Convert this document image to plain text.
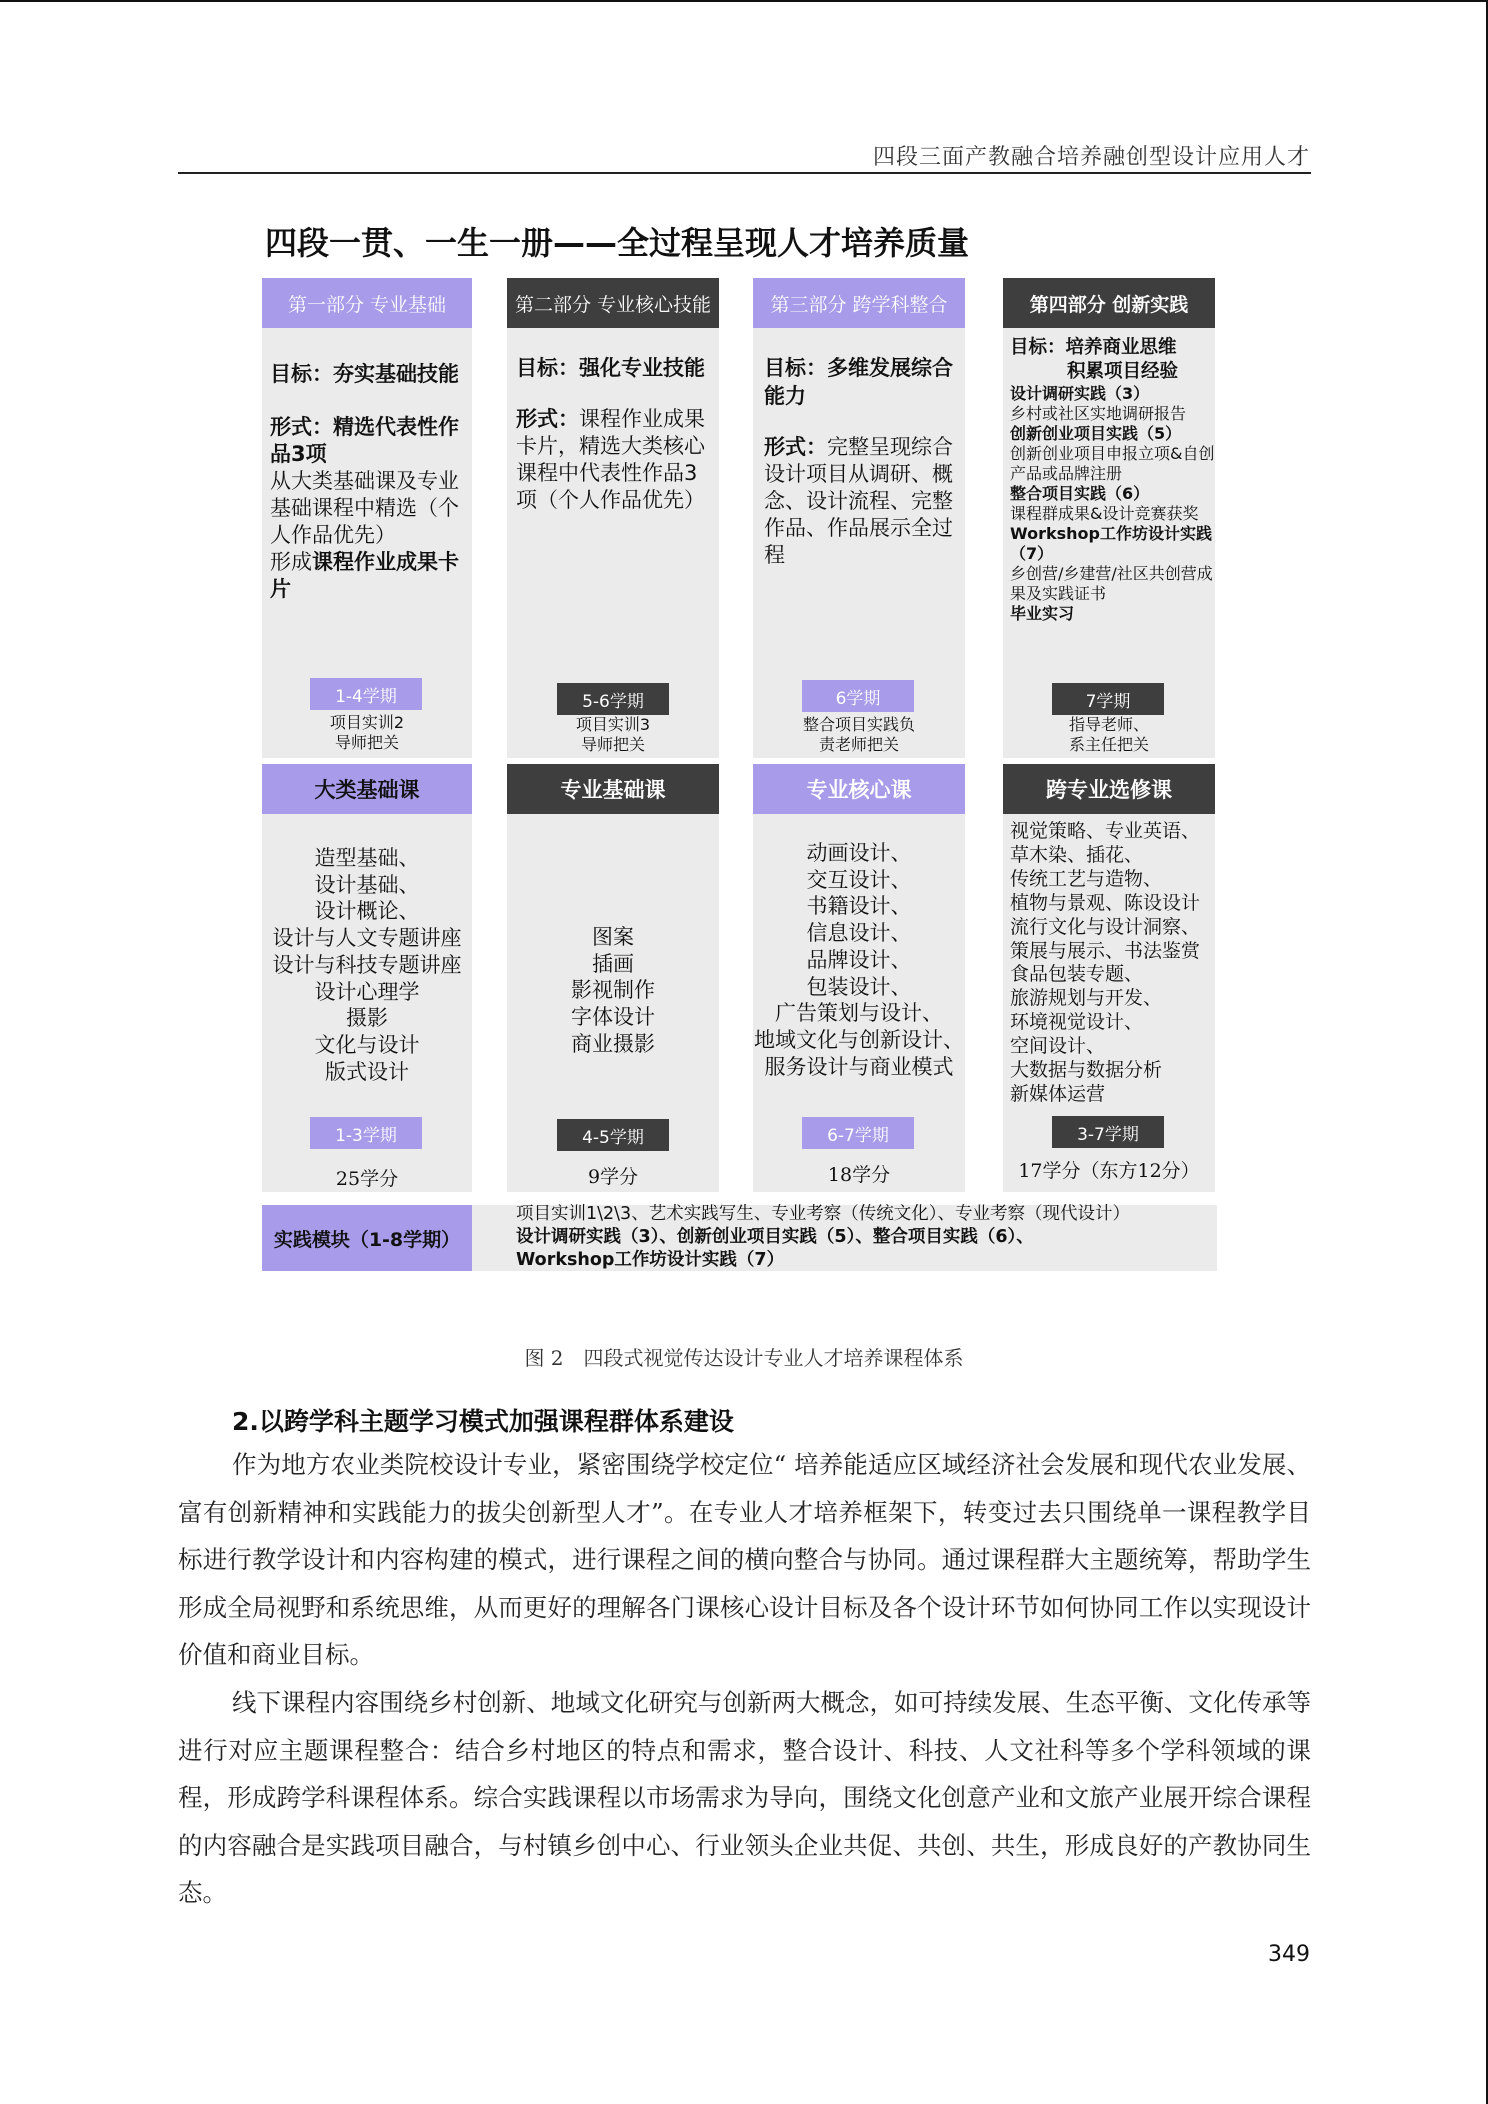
四段三面产教融合培养融创型设计应用人才
四段一贯、一生一册——全过程呈现人才培养质量
第一部分 专业基础
目标：夯实基础技能
形式：精选代表性作品3项
从大类基础课及专业
基础课程中精选（个
人作品优先）
形成课程作业成果卡片
1-4学期
项目实训2
导师把关
第二部分 专业核心技能
目标：强化专业技能
形式：课程作业成果卡片，精选大类核心课程中代表性作品3项（个人作品优先）
5-6学期
项目实训3
导师把关
第三部分 跨学科整合
目标：多维发展综合能力
形式：完整呈现综合设计项目从调研、概念、设计流程、完整作品、作品展示全过程
6学期
整合项目实践负
责老师把关
第四部分 创新实践
目标：培养商业思维
积累项目经验
设计调研实践（3）
乡村或社区实地调研报告
创新创业项目实践（5）
创新创业项目申报立项&自创产品或品牌注册
整合项目实践（6）
课程群成果&设计竞赛获奖
Workshop工作坊设计实践（7）
乡创营/乡建营/社区共创营成果及实践证书
毕业实习
7学期
指导老师、
系主任把关
大类基础课
造型基础、
设计基础、
设计概论、
设计与人文专题讲座
设计与科技专题讲座
设计心理学
摄影
文化与设计
版式设计
1-3学期
25学分
专业基础课
图案
插画
影视制作
字体设计
商业摄影
4-5学期
9学分
专业核心课
动画设计、
交互设计、
书籍设计、
信息设计、
品牌设计、
包装设计、
广告策划与设计、
地域文化与创新设计、
服务设计与商业模式
6-7学期
18学分
跨专业选修课
视觉策略、专业英语、
草木染、插花、
传统工艺与造物、
植物与景观、陈设设计
流行文化与设计洞察、
策展与展示、书法鉴赏
食品包装专题、
旅游规划与开发、
环境视觉设计、
空间设计、
大数据与数据分析
新媒体运营
3-7学期
17学分（东方12分）
实践模块（1-8学期）
项目实训1\2\3、艺术实践写生、专业考察（传统文化）、专业考察（现代设计）
设计调研实践（3）、创新创业项目实践（5）、整合项目实践（6）、
Workshop工作坊设计实践（7）
图 2　四段式视觉传达设计专业人才培养课程体系
2.以跨学科主题学习模式加强课程群体系建设
作为地方农业类院校设计专业，紧密围绕学校定位“ 培养能适应区域经济社会发展和现代农业发展、富有创新精神和实践能力的拔尖创新型人才”。在专业人才培养框架下，转变过去只围绕单一课程教学目标进行教学设计和内容构建的模式，进行课程之间的横向整合与协同。通过课程群大主题统筹，帮助学生形成全局视野和系统思维，从而更好的理解各门课核心设计目标及各个设计环节如何协同工作以实现设计价值和商业目标。
线下课程内容围绕乡村创新、地域文化研究与创新两大概念，如可持续发展、生态平衡、文化传承等进行对应主题课程整合：结合乡村地区的特点和需求，整合设计、科技、人文社科等多个学科领域的课程，形成跨学科课程体系。综合实践课程以市场需求为导向，围绕文化创意产业和文旅产业展开综合课程的内容融合是实践项目融合，与村镇乡创中心、行业领头企业共促、共创、共生，形成良好的产教协同生态。
349
